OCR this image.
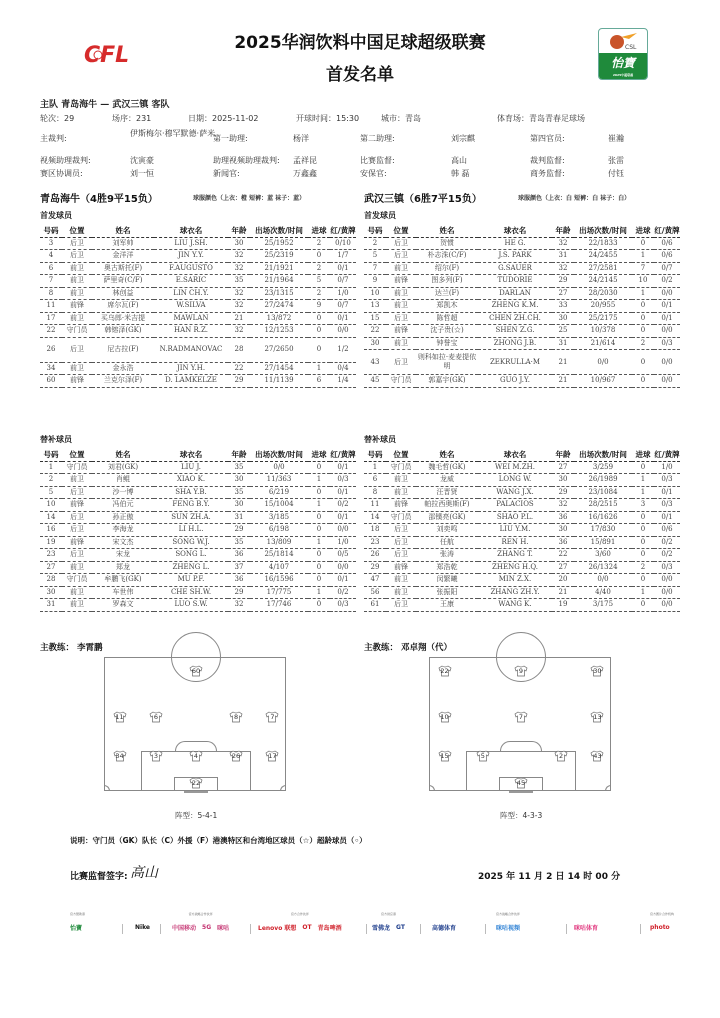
CFL	2025华润饮料中国足球超级联赛
首发名单
CSL
怡寶
2025中超联赛
主队 青岛海牛 — 武汉三镇 客队
轮次：29	场序：231	日期：2025-11-02	开球时间：15:30	城市：青岛	体育场：青岛青春足球场
主裁判:
伊斯梅尔·穆罕默德·萨米
第一助理:	杨洋	第二助理:	刘宗麒	第四官员:	崔瀚
视频助理裁判:	沈寅豪	助理视频助理裁判: 孟祥昆	比赛监督:	高山	裁判监督:	张雷
赛区协调员:	刘一恒	新闻官:	万鑫鑫	安保官:	韩 磊	商务监督:	付钰
青岛海牛（4胜9平15负）	球服颜色（上衣：橙 短裤：蓝 袜子：蓝）
首发球员
武汉三镇（6胜7平15负）	球服颜色（上衣：白 短裤：白 袜子：白）
首发球员
号码	位置	姓名	球衣名	年龄	出场次数/时间	进球	红/黄牌
3	后卫	刘军帅	LIU J.SH.	30	25/1952	2	0/10
4	后卫	金洋洋	JIN Y.Y.	32	25/2319	0	1/7
6	前卫	奥古斯托(F)	F.AUGUSTO	32	21/1921	2	0/1
7	前卫	萨里奇(C/F)	E.SARIC	35	21/1964	5	0/7
8	前卫	林创益	LIN CH.Y.	32	23/1315	2	1/0
11	前锋	席尔瓦(F)	W.SILVA	32	27/2474	9	0/7
17	前卫	买乌郎·米吉提	MAWLAN	21	13/872	0	0/1
22	守门员	韩镕泽(GK)	HAN R.Z.	32	12/1253	0	0/0
26	后卫	尼古拉(F)	N.RADMANOVAC	28	27/2650	0	1/2
34	前卫	金永浩	JIN Y.H.	22	27/1454	1	0/4
60	前锋	兰克尔泽(F)	D. LAMKELZE	29	11/1139	6	1/4
号码	位置	姓名	球衣名	年龄	出场次数/时间	进球	红/黄牌
2	后卫	贺惯	HE G.	32	22/1833	0	0/6
5	后卫	朴志洙(C/F)	J.S. PARK	31	24/2455	1	0/6
7	前卫	绍尔(F)	G.SAUER	32	27/2581	7	0/7
9	前锋	图多列(F)	TUDORIE	29	24/2145	10	0/2
10	前卫	达兰(F)	DARLAN	27	28/2030	1	0/0
13	前卫	郑凯木	ZHENG K.M.	33	20/955	0	0/1
15	后卫	陈哲超	CHEN ZH.CH.	30	25/2175	0	0/1
22	前锋	沈子贵(☆)	SHEN Z.G.	25	10/378	0	0/0
30	前卫	钟誉宝	ZHONG J.B.	31	21/614	2	0/3
43	后卫	则科如拉·麦麦提依明	ZEKRULLA·M	21	0/0	0	0/0
45	守门员	郭嘉宇(GK)	GUO J.Y.	21	10/967	0	0/0
替补球员	替补球员
号码	位置	姓名	球衣名	年龄	出场次数/时间	进球	红/黄牌
1	守门员	刘君(GK)	LIU J.	35	0/0	0	0/1
2	前卫	肖鲲	XIAO K.	30	11/363	1	0/3
5	后卫	沙一博	SHA Y.B.	35	6/219	0	0/1
10	前锋	冯伯元	FENG B.Y.	30	15/1004	1	0/2
14	后卫	孙正傲	SUN ZH.A.	31	3/185	0	0/1
16	后卫	李海龙	LI H.L.	29	6/198	0	0/0
19	前锋	宋文杰	SONG W.J.	35	13/809	1	1/0
23	后卫	宋龙	SONG L.	36	25/1814	0	0/5
27	前卫	郑龙	ZHENG L.	37	4/107	0	0/0
28	守门员	牟鹏飞(GK)	MU P.F.	36	16/1596	0	0/1
30	前卫	车世伟	CHE SH.W.	29	17/775	1	0/2
31	前卫	罗森文	LUO S.W.	32	17/746	0	0/3
号码	位置	姓名	球衣名	年龄	出场次数/时间	进球	红/黄牌
1	守门员	魏毛哲(GK)	WEI M.ZH.	27	3/259	0	1/0
6	前卫	龙威	LONG W.	30	26/1989	1	0/3
8	前卫	汪晋贤	WANG J.X.	29	23/1084	1	0/1
11	前锋	帕拉西奥斯(F)	PALACIOS	32	28/2515	3	0/3
14	守门员	邵镤亮(GK)	SHAO P.L.	36	16/1626	0	0/1
18	后卫	刘奕鸣	LIU Y.M.	30	17/830	0	0/6
23	后卫	任航	REN H.	36	15/891	0	0/2
26	后卫	张涛	ZHANG T.	22	3/60	0	0/2
29	前锋	郑浩乾	ZHENG H.Q.	27	26/1324	2	0/3
47	前卫	闵繁曦	MIN Z.X.	20	0/0	0	0/0
56	前卫	张振阳	ZHANG ZH.Y.	21	4/40	1	0/0
61	后卫	王康	WANG K.	19	3/175	0	0/0
主教练： 李霄鹏	主教练： 邓卓翔（代）
60
11	6	8	7
34	3	4	26	17
22
22	9	30
10	7	13
15	5	2	43
45
阵型：5-4-1	阵型：4-3-3
说明：守门员（GK）队长（C）外援（F）港澳特区和台湾地区球员（☆）超龄球员（◦）
比赛监督签字: 高山	2025 年 11 月 2 日 14 时 00 分
官方赞助商
怡寶	Nike
官方战略合作伙伴
中国移动 5G 咪咕
官方合作伙伴
Lenovo 联想 OT 青岛啤酒
官方供应商
雪佛龙 GT	高德体育
官方战略合作伙伴
咪咕视频	咪咕体育
官方图片合作机构
photo
